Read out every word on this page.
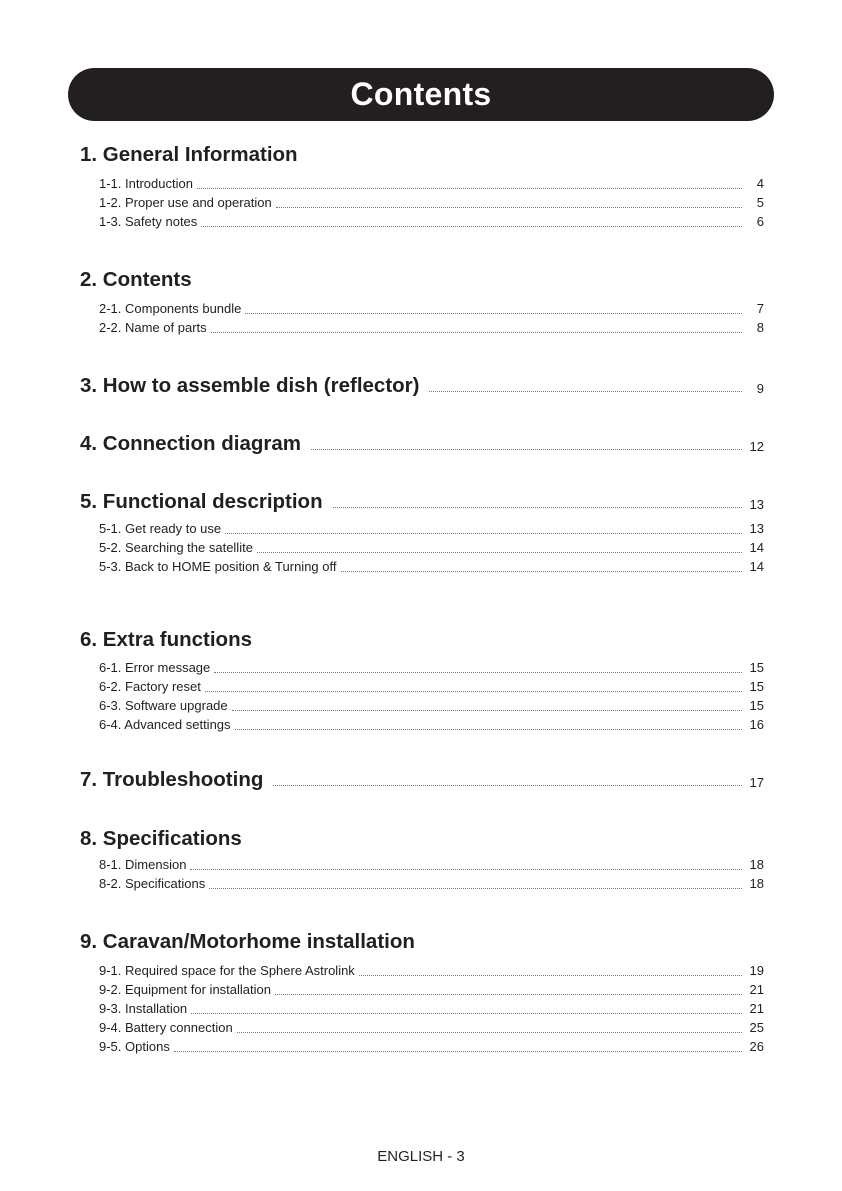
Contents
1. General Information
1-1. Introduction	4
1-2. Proper use and operation	5
1-3. Safety notes	6
2. Contents
2-1. Components bundle	7
2-2. Name of parts	8
3. How to assemble dish (reflector)	9
4. Connection diagram	12
5. Functional description	13
5-1. Get ready to use	13
5-2. Searching the satellite	14
5-3. Back to HOME position & Turning off	14
6. Extra functions
6-1. Error message	15
6-2. Factory reset	15
6-3. Software upgrade	15
6-4. Advanced settings	16
7. Troubleshooting	17
8. Specifications
8-1. Dimension	18
8-2. Specifications	18
9. Caravan/Motorhome installation
9-1. Required space for the Sphere Astrolink	19
9-2. Equipment for installation	21
9-3. Installation	21
9-4. Battery connection	25
9-5. Options	26
ENGLISH - 3
